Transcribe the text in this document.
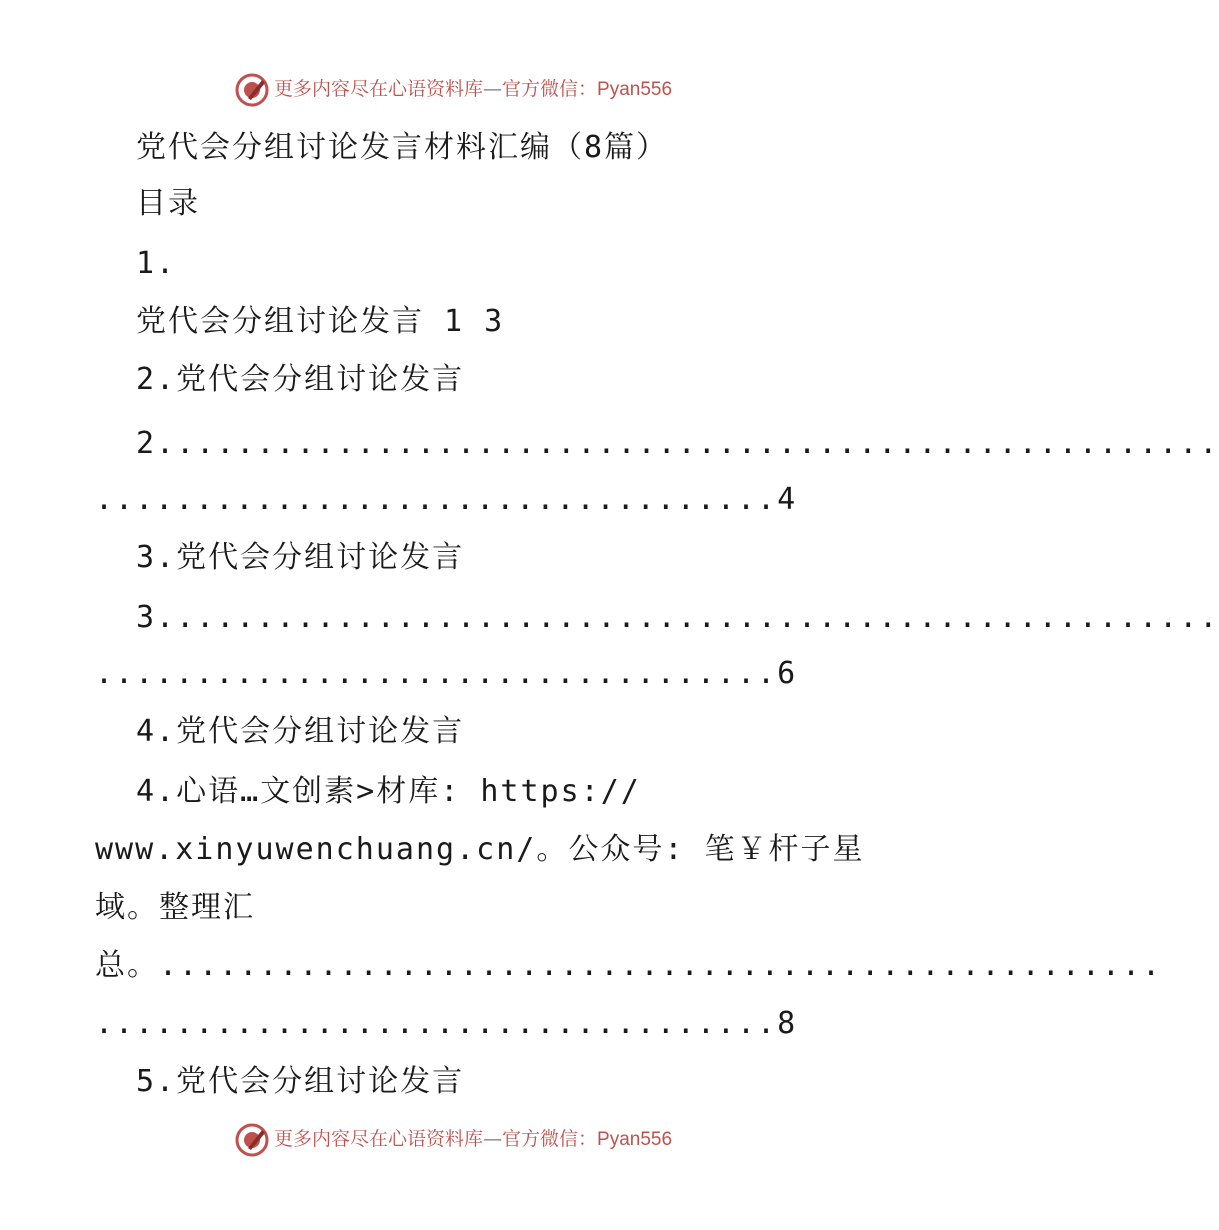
更多内容尽在心语资料库—官方微信：Pyan556
党代会分组讨论发言材料汇编（8篇）
目录
1.
党代会分组讨论发言 1 3
2.党代会分组讨论发言
2.....................................................
..................................4
3.党代会分组讨论发言
3.....................................................
..................................6
4.党代会分组讨论发言
4.心语…文创素>材库: https://
www.xinyuwenchuang.cn/。公众号: 笔￥杆子星
域。整理汇
总。..................................................
..................................8
5.党代会分组讨论发言
更多内容尽在心语资料库—官方微信：Pyan556
